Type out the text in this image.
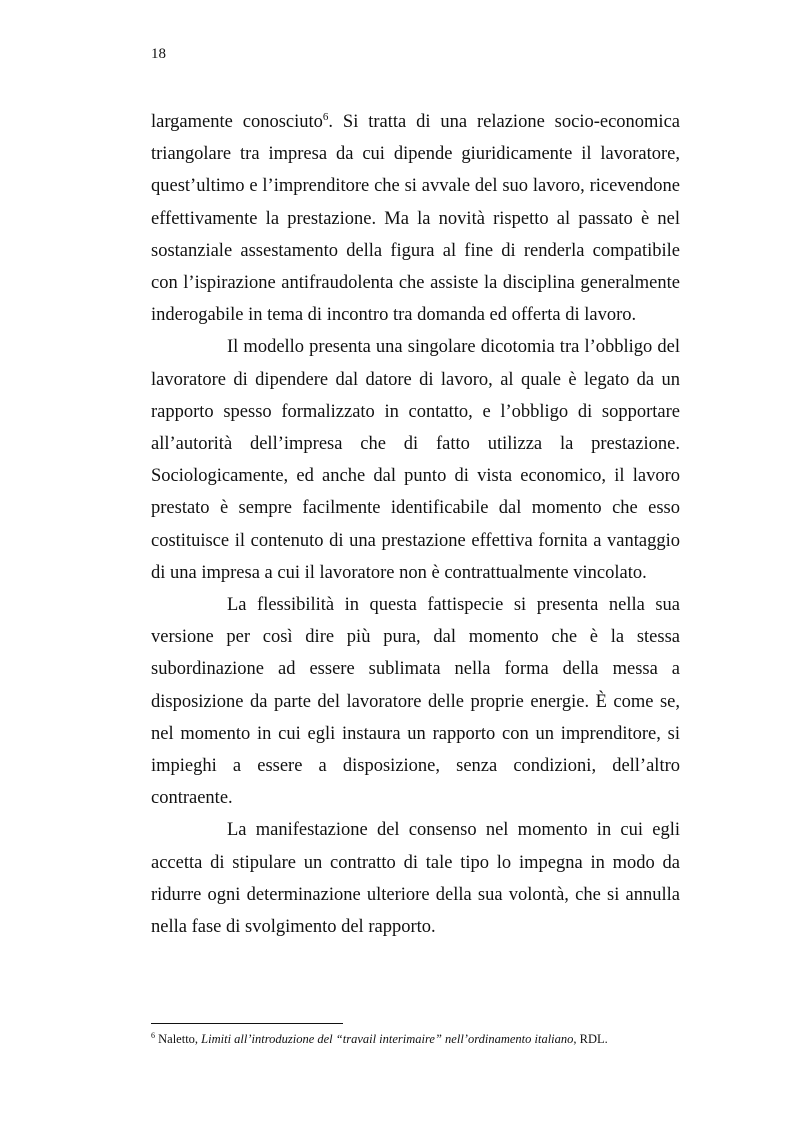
18

largamente conosciuto$^6$. Si tratta di una relazione socio-economica triangolare tra impresa da cui dipende giuridicamente il lavoratore, quest’ultimo e l’imprenditore che si avvale del suo lavoro, ricevendone effettivamente la prestazione. Ma la novità rispetto al passato è nel sostanziale assestamento della figura al fine di renderla compatibile con l’ispirazione antifraudolenta che assiste la disciplina generalmente inderogabile in tema di incontro tra domanda ed offerta di lavoro.

Il modello presenta una singolare dicotomia tra l’obbligo del lavoratore di dipendere dal datore di lavoro, al quale è legato da un rapporto spesso formalizzato in contatto, e l’obbligo di sopportare all’autorità dell’impresa che di fatto utilizza la prestazione. Sociologicamente, ed anche dal punto di vista economico, il lavoro prestato è sempre facilmente identificabile dal momento che esso costituisce il contenuto di una prestazione effettiva fornita a vantaggio di una impresa a cui il lavoratore non è contrattualmente vincolato.

La flessibilità in questa fattispecie si presenta nella sua versione per così dire più pura, dal momento che è la stessa subordinazione ad essere sublimata nella forma della messa a disposizione da parte del lavoratore delle proprie energie. È come se, nel momento in cui egli instaura un rapporto con un imprenditore, si impieghi a essere a disposizione, senza condizioni, dell’altro contraente.

La manifestazione del consenso nel momento in cui egli accetta di stipulare un contratto di tale tipo lo impegna in modo da ridurre ogni determinazione ulteriore della sua volontà, che si annulla nella fase di svolgimento del rapporto.

$^6$ Naletto, Limiti all’introduzione del “travail interimaire” nell’ordinamento italiano, RDL.
